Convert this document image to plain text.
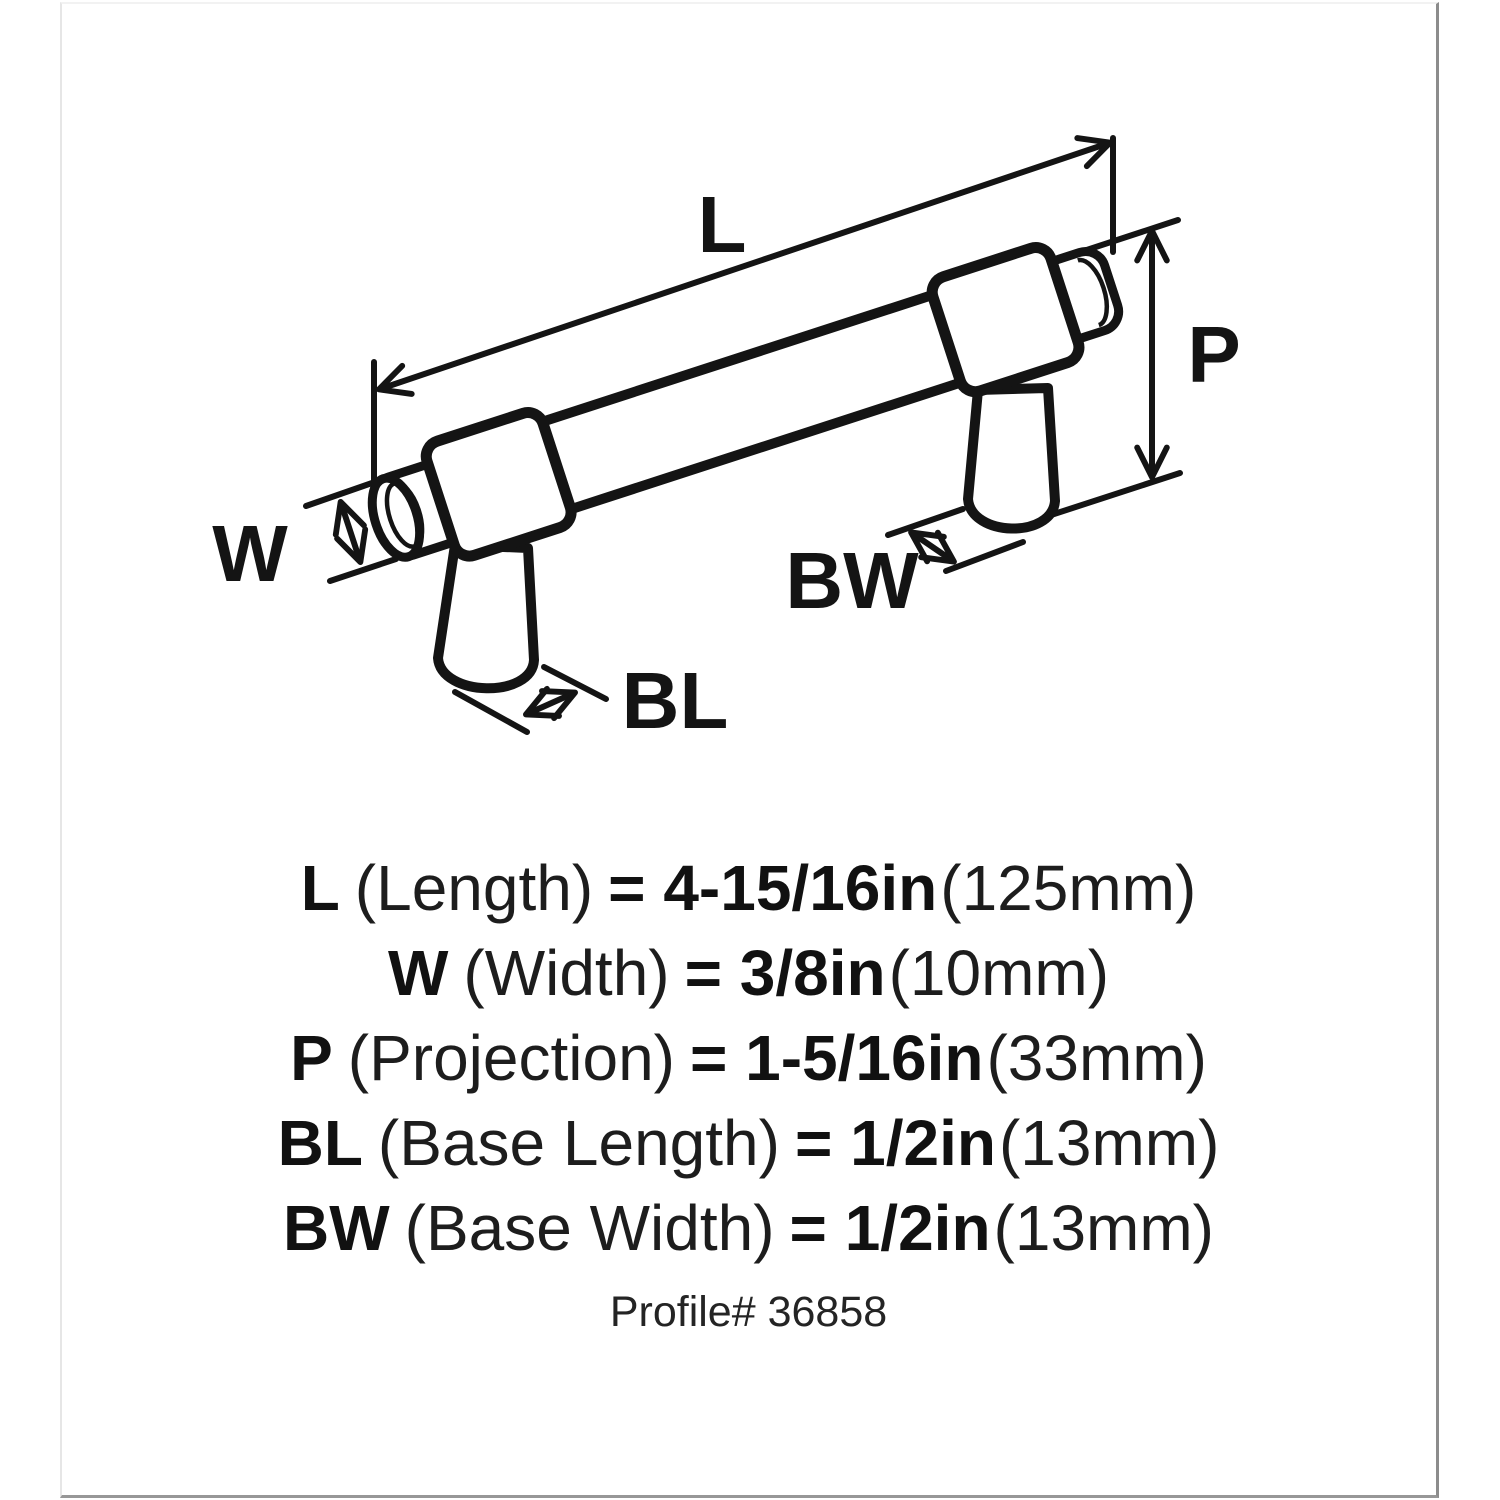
L
W
P
BL
BW
L (Length) = 4-15/16in(125mm)
W (Width) = 3/8in(10mm)
P (Projection) = 1-5/16in(33mm)
BL (Base Length) = 1/2in(13mm)
BW (Base Width) = 1/2in(13mm)
Profile# 36858
